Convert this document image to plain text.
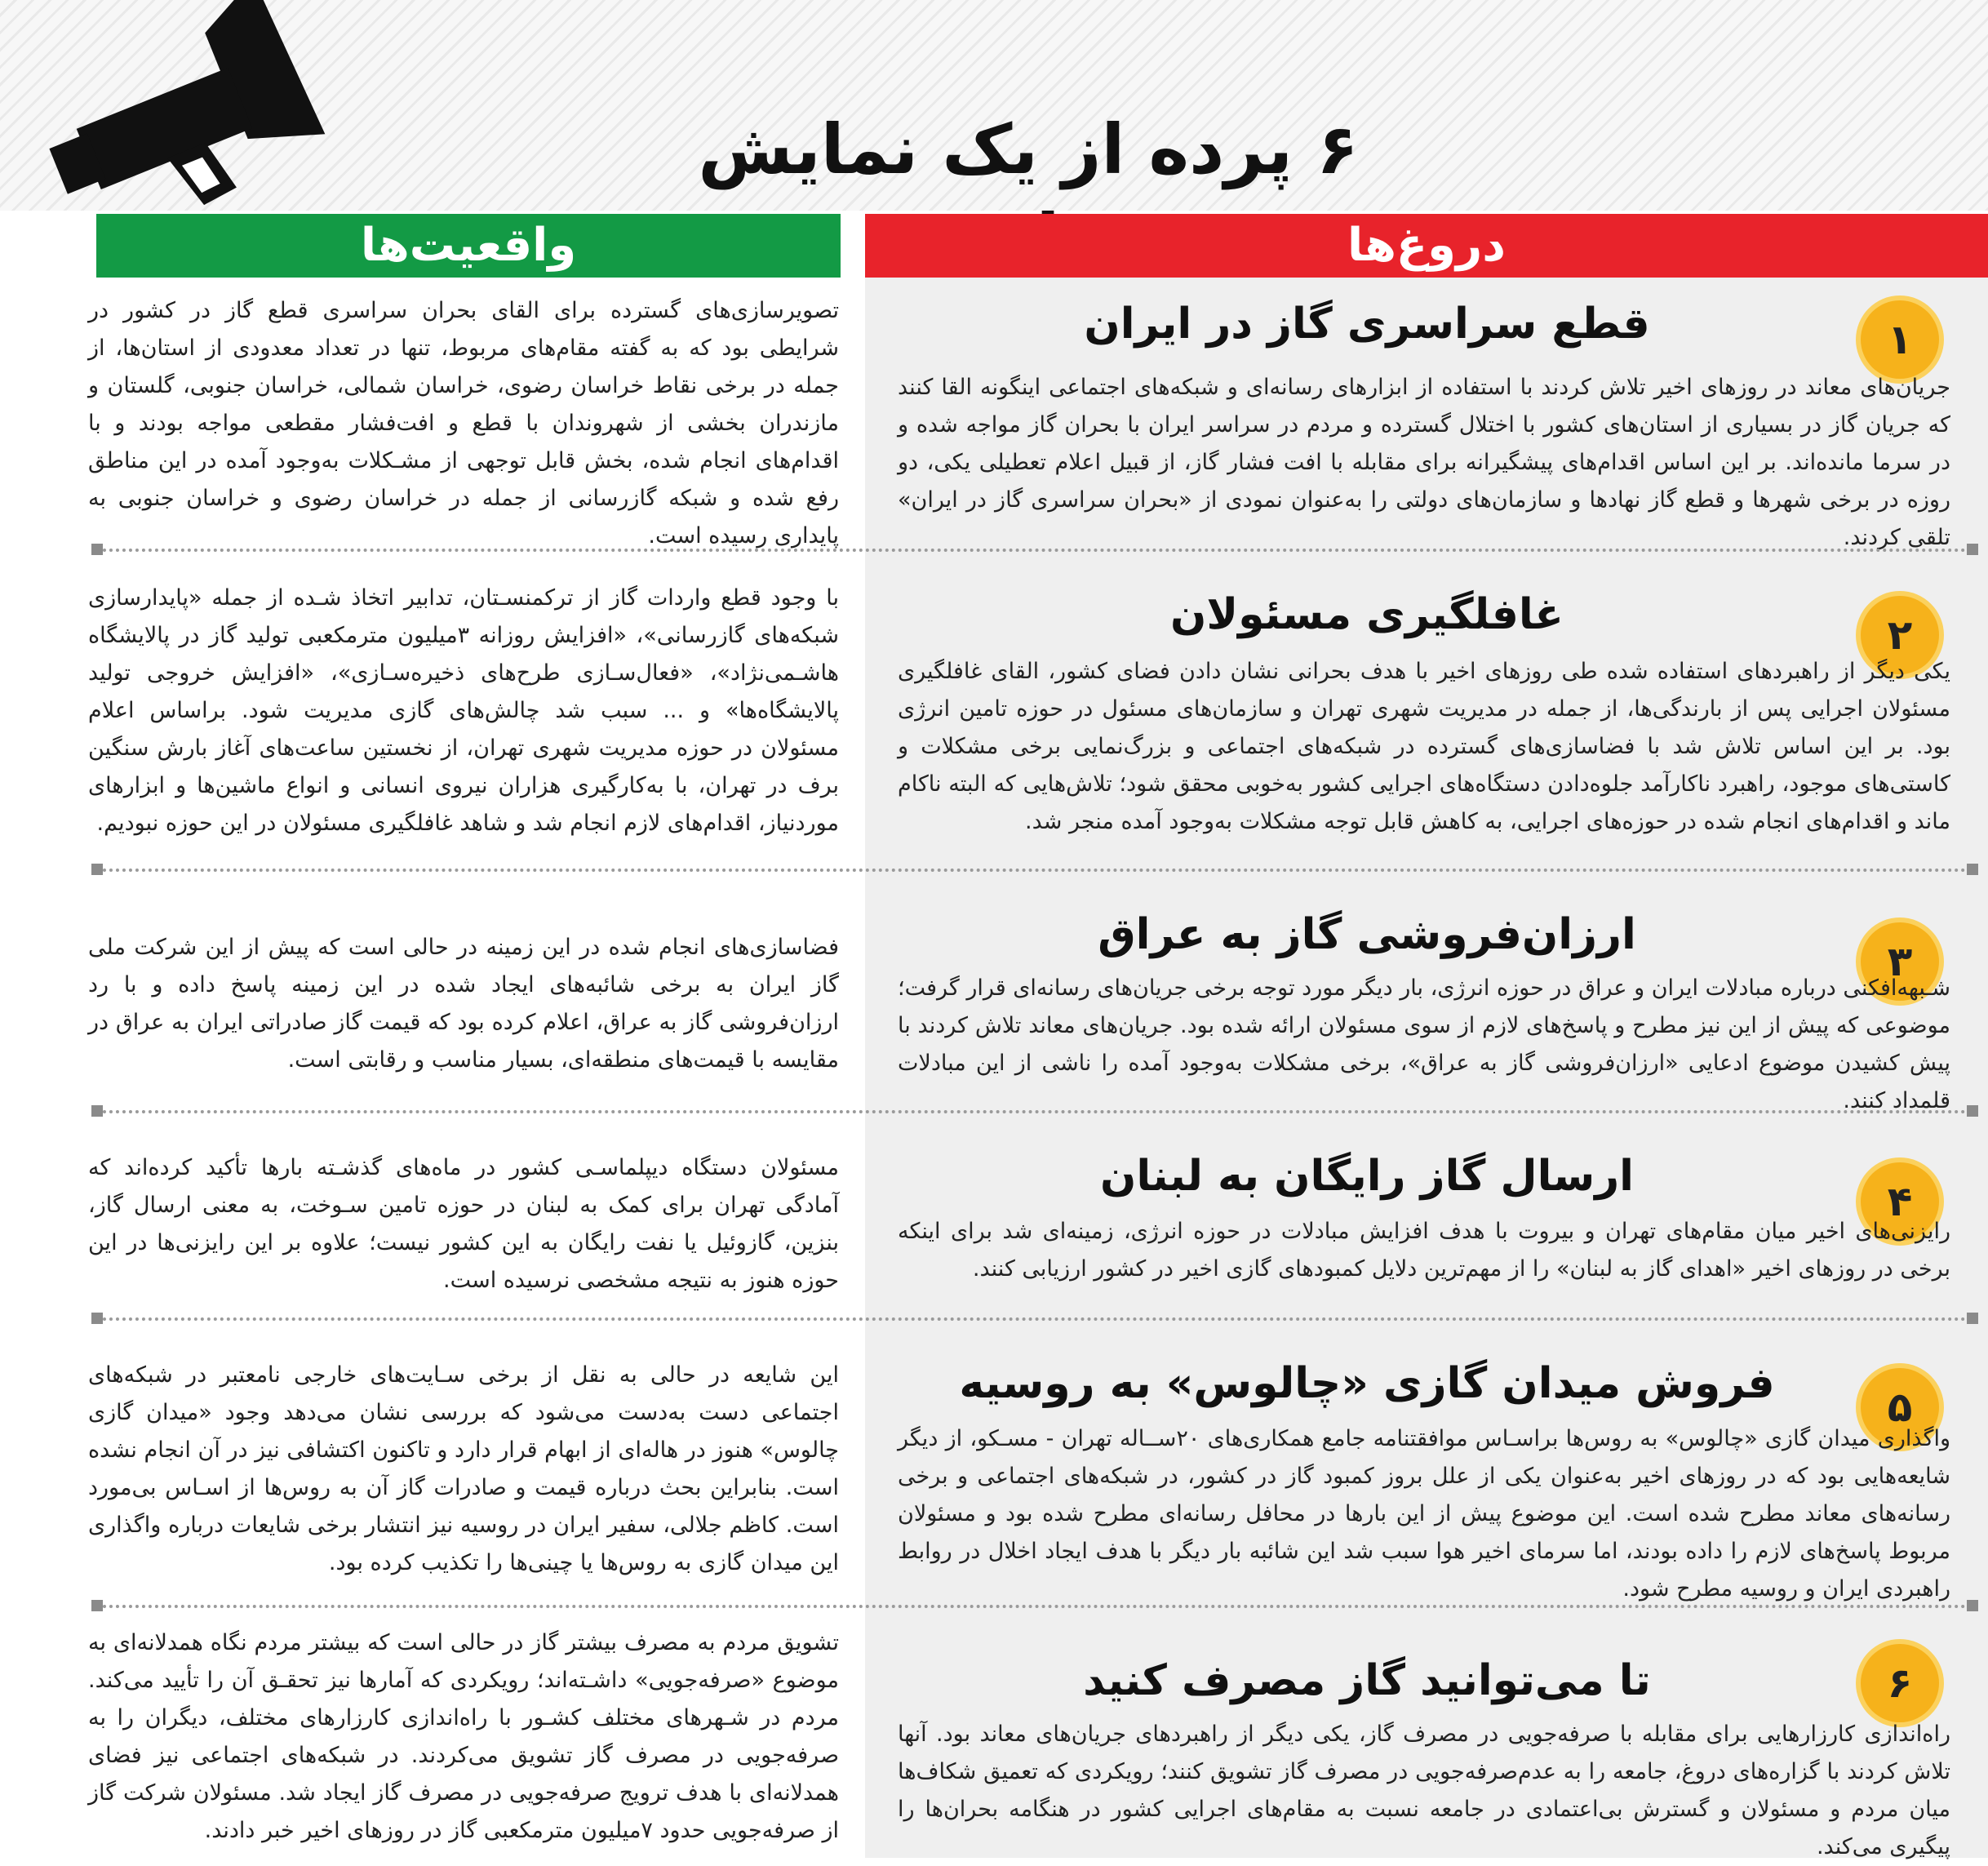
۶ پرده از یک نمایش
دروغ‌ها
واقعیت‌ها
۱
قطع سراسری گاز در ایران
جریان‌های معاند در روزهای اخیر تلاش کردند با استفاده از ابزارهای رسانه‌ای و شبکه‌های اجتماعی اینگونه القا کنند که جریان گاز در بسیاری از استان‌های کشور با اختلال گسترده و مردم در سراسر ایران با بحران گاز مواجه شده و در سرما مانده‌اند. بر این اساس اقدام‌های پیشگیرانه برای مقابله با افت فشار گاز، از قبیل اعلام تعطیلی یکی، دو روزه در برخی شهرها و قطع گاز نهادها و سازمان‌های دولتی را به‌عنوان نمودی از «بحران سراسری گاز در ایران» تلقی کردند.
تصویرسازی‌های گسترده برای القای بحران سراسری قطع گاز در کشور در شرایطی بود که به گفته مقام‌های مربوط، تنها در تعداد معدودی از استان‌ها، از جمله در برخی نقاط خراسان رضوی، خراسان شمالی، خراسان جنوبی، گلستان و مازندران بخشی از شهروندان با قطع و افت‌فشار مقطعی مواجه بودند و با اقدام‌های انجام شده، بخش قابل توجهی از مشـکلات به‌وجود آمده در این مناطق رفع شده و شبکه گازرسانی از جمله در خراسان رضوی و خراسان جنوبی به پایداری رسیده است.
۲
غافلگیری مسئولان
یکی دیگر از راهبردهای استفاده شده طی روزهای اخیر با هدف بحرانی نشان دادن فضای کشور، القای غافلگیری مسئولان اجرایی پس از بارندگی‌ها، از جمله در مدیریت شهری تهران و سازمان‌های مسئول در حوزه تامین انرژی بود. بر این اساس تلاش شد با فضاسازی‌های گسترده در شبکه‌های اجتماعی و بزرگ‌نمایی برخی مشکلات و کاستی‌های موجود، راهبرد ناکارآمد جلوه‌دادن دستگاه‌های اجرایی کشور به‌خوبی محقق شود؛ تلاش‌هایی که البته ناکام ماند و اقدام‌های انجام شده در حوزه‌های اجرایی، به کاهش قابل توجه مشکلات به‌وجود آمده منجر شد.
با وجود قطع واردات گاز از ترکمنسـتان، تدابیر اتخاذ شـده از جمله «پایدارسازی شبکه‌های گازرسانی»، «افزایش روزانه ۳میلیون مترمکعبی تولید گاز در پالایشگاه هاشـمی‌نژاد»، «فعال‌سـازی طرح‌های ذخیره‌سـازی»، «افزایش خروجی تولید پالایشگاه‌ها» و ... سبب شد چالش‌های گازی مدیریت شود. براساس اعلام مسئولان در حوزه مدیریت شهری تهران، از نخستین ساعت‌های آغاز بارش سنگین برف در تهران، با به‌کارگیری هزاران نیروی انسانی و انواع ماشین‌ها و ابزارهای مورد‌نیاز، اقدام‌های لازم انجام شد و شاهد غافلگیری مسئولان در این حوزه نبودیم.
۳
ارزان‌فروشی گاز به عراق
شـبهه‌افکنی درباره مبادلات ایران و عراق در حوزه انرژی، بار دیگر مورد توجه برخی جریان‌های رسانه‌ای قرار گرفت؛ موضوعی که پیش از این نیز مطرح و پاسخ‌های لازم از سوی مسئولان ارائه شده بود. جریان‌های معاند تلاش کردند با پیش کشیدن موضوع ادعایی «ارزان‌فروشی گاز به عراق»، برخی مشکلات به‌وجود آمده را ناشی از این مبادلات قلمداد کنند.
فضاسازی‌های انجام شده در این زمینه در حالی است که پیش از این شرکت ملی گاز ایران به برخی شائبه‌های ایجاد شده در این زمینه پاسخ داده و با رد ارزان‌فروشی گاز به عراق، اعلام کرده بود که قیمت گاز صادراتی ایران به عراق در مقایسه با قیمت‌های منطقه‌ای، بسیار مناسب و رقابتی است.
۴
ارسال گاز رایگان به لبنان
رایزنی‌های اخیر میان مقام‌های تهران و بیروت با هدف افزایش مبادلات در حوزه انرژی، زمینه‌ای شد برای اینکه برخی در روزهای اخیر «اهدای گاز به لبنان» را از مهم‌ترین دلایل کمبودهای گازی اخیر در کشور ارزیابی کنند.
مسئولان دستگاه دیپلماسـی کشور در ماه‌های گذشـته بارها تأکید کرده‌اند که آمادگی تهران برای کمک به لبنان در حوزه تامین سـوخت، به معنی ارسال گاز، بنزین، گازوئیل یا نفت رایگان به این کشور نیست؛ علاوه بر این رایزنی‌ها در این حوزه هنوز به نتیجه مشخصی نرسیده است.
۵
فروش میدان گازی «چالوس» به روسیه
واگذاری میدان گازی «چالوس» به روس‌ها براسـاس موافقتنامه جامع همکاری‌های ۲۰ســاله تهران - مسـکو، از دیگر شایعه‌هایی بود که در روزهای اخیر به‌عنوان یکی از علل بروز کمبود گاز در کشور، در شبکه‌های اجتماعی و برخی رسانه‌های معاند مطرح شده است. این موضوع پیش از این بارها در محافل رسانه‌ای مطرح شده بود و مسئولان مربوط پاسخ‌های لازم را داده بودند، اما سرمای اخیر هوا سبب شد این شائبه بار دیگر با هدف ایجاد اخلال در روابط راهبردی ایران و روسیه مطرح شود.
این شایعه در حالی به نقل از برخی سـایت‌های خارجی نامعتبر در شبکه‌های اجتماعی دست به‌دست می‌شود که بررسی نشان می‌دهد وجود «میدان گازی چالوس» هنوز در هاله‌ای از ابهام قرار دارد و تاکنون اکتشافی نیز در آن انجام نشده است. بنابراین بحث درباره قیمت و صادرات گاز آن به روس‌ها از اسـاس بی‌مورد است. کاظم جلالی، سفیر ایران در روسیه نیز انتشار برخی شایعات درباره واگذاری این میدان گازی به روس‌ها یا چینی‌ها را تکذیب کرده بود.
۶
تا می‌توانید گاز مصرف کنید
راه‌اندازی کارزارهایی برای مقابله با صرفه‌جویی در مصرف گاز، یکی دیگر از راهبردهای جریان‌های معاند بود. آنها تلاش کردند با گزاره‌های دروغ، جامعه را به عدم‌صرفه‌جویی در مصرف گاز تشویق کنند؛ رویکردی که تعمیق شکاف‌ها میان مردم و مسئولان و گسترش بی‌اعتمادی در جامعه نسبت به مقام‌های اجرایی کشور در هنگامه بحران‌ها را پیگیری می‌کند.
تشویق مردم به مصرف بیشتر گاز در حالی است که بیشتر مردم نگاه همدلانه‌ای به موضوع «صرفه‌جویی» داشـته‌اند؛ رویکردی که آمارها نیز تحقـق آن را تأیید می‌کند. مردم در شـهرهای مختلف کشـور با راه‌اندازی کارزارهای مختلف، دیگران را به صرفه‌جویی در مصرف گاز تشویق می‌کردند. در شبکه‌های اجتماعی نیز فضای همدلانه‌ای با هدف ترویج صرفه‌جویی در مصرف گاز ایجاد شد. مسئولان شرکت گاز از صرفه‌جویی حدود ۷میلیون مترمکعبی گاز در روزهای اخیر خبر دادند.
